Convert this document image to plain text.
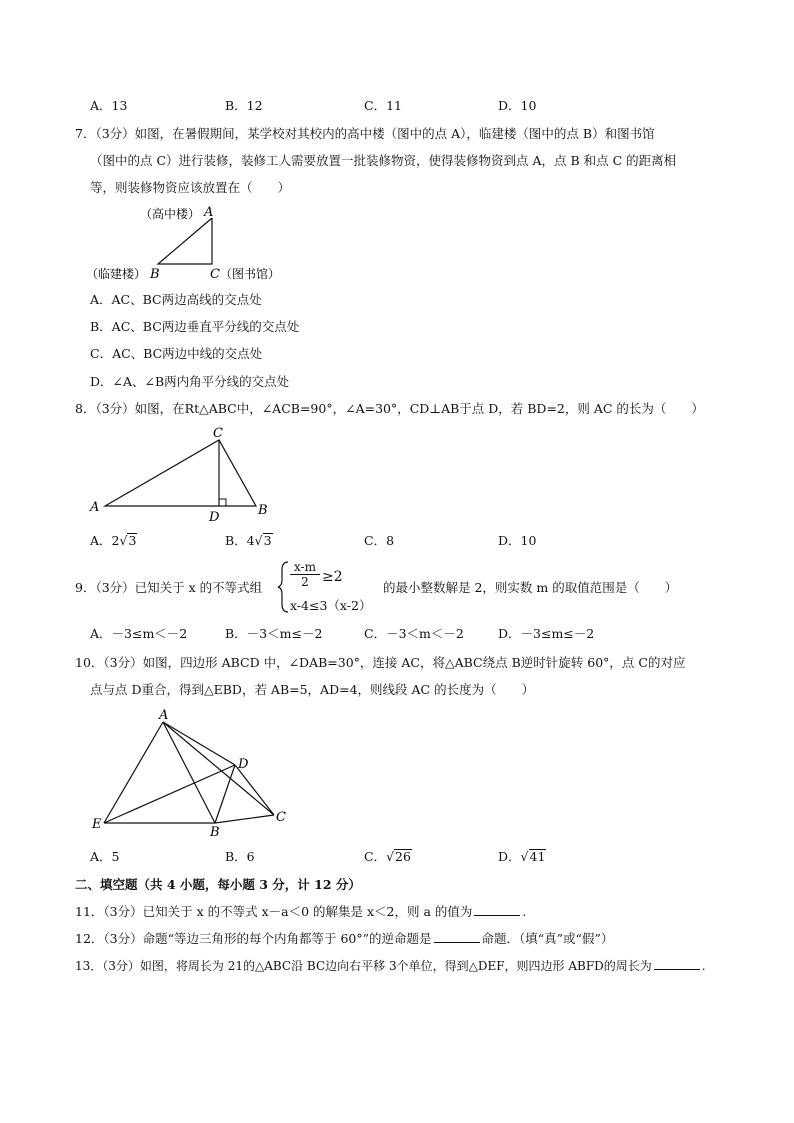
A．13	B．12	C．11	D．10
7．（3分）如图，在暑假期间，某学校对其校内的高中楼（图中的点 A），临建楼（图中的点 B）和图书馆
（图中的点 C）进行装修，装修工人需要放置一批装修物资，使得装修物资到点 A，点 B 和点 C 的距离相
等，则装修物资应该放置在（　　）
（高中楼） A
（临建楼） B	C （图书馆）
A．AC、BC两边高线的交点处
B．AC、BC两边垂直平分线的交点处
C．AC、BC两边中线的交点处
D．∠A、∠B两内角平分线的交点处
8．（3分）如图，在Rt△ABC中，∠ACB=90°，∠A=30°，CD⊥AB于点 D，若 BD=2，则 AC 的长为（　　）
C
A
D	B
A．2√3	B．4√3	C．8	D．10
9．（3分）已知关于 x 的不等式组 $\frac{x-m}{2} \ge 2$
x-4≤3（x-2）
的最小整数解是 2，则实数 m 的取值范围是（　　）
A．－3≤m＜－2	B．－3＜m≤－2	C．－3＜m＜－2	D．－3≤m≤－2
10．（3分）如图，四边形 ABCD 中，∠DAB=30°，连接 AC，将△ABC绕点 B逆时针旋转 60°，点 C的对应
点与点 D重合，得到△EBD，若 AB=5，AD=4，则线段 AC 的长度为（　　）
A
D
E
B
C
A．5	B．6	C．√26	D．√41
二、填空题（共 4 小题，每小题 3 分，计 12 分）
11．（3分）已知关于 x 的不等式 x－a＜0 的解集是 x＜2，则 a 的值为	.
12．（3分）命题“等边三角形的每个内角都等于 60°”的逆命题是	命题．（填“真”或“假”）
13．（3分）如图，将周长为 21的△ABC沿 BC边向右平移 3个单位，得到△DEF，则四边形 ABFD的周长为	.
